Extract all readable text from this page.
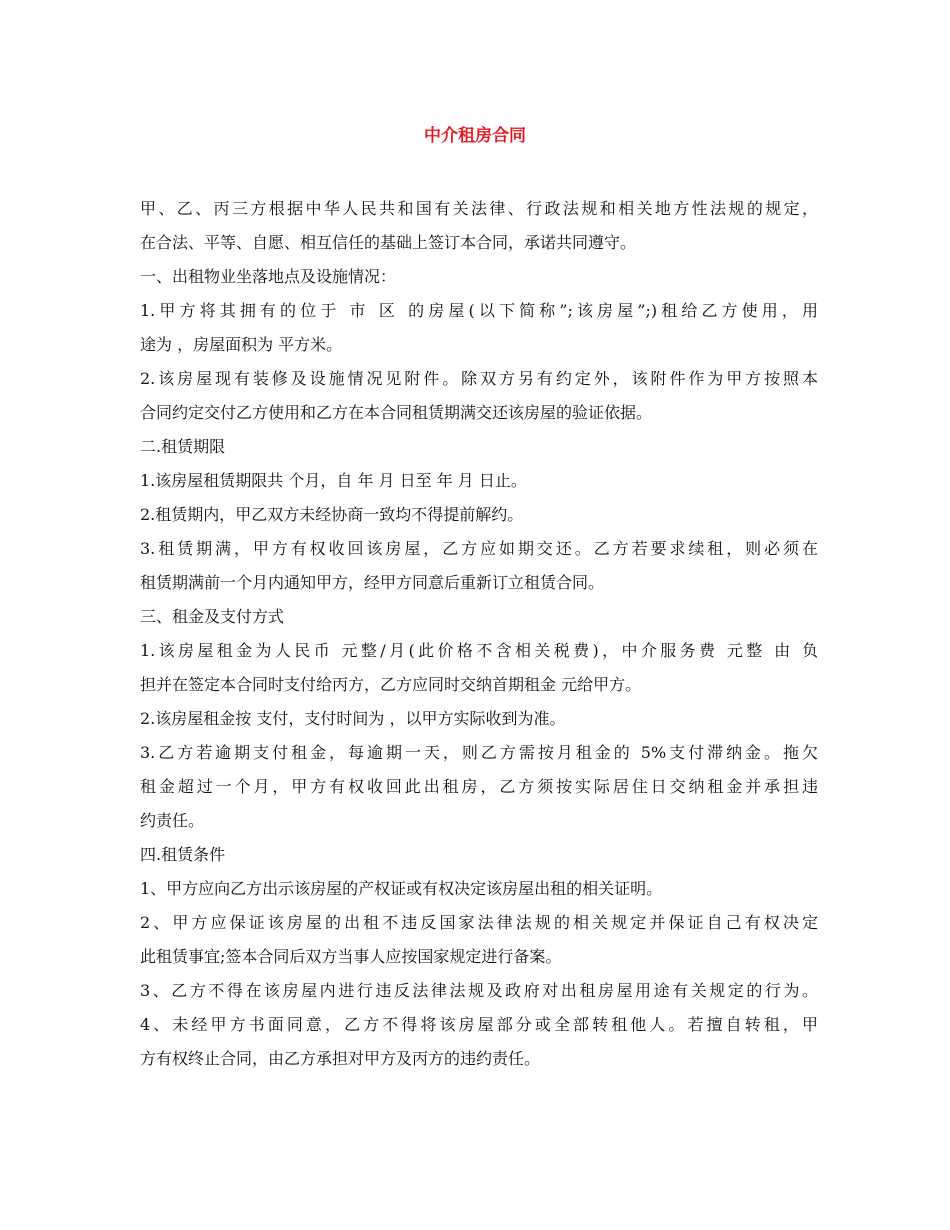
中介租房合同

甲、乙、丙三方根据中华人民共和国有关法律、行政法规和相关地方性法规的规定，

在合法、平等、自愿、相互信任的基础上签订本合同，承诺共同遵守。

一、出租物业坐落地点及设施情况：

1.甲方将其拥有的位于 市 区 的房屋(以下简称”;该房屋”;)租给乙方使用，用

途为 ，房屋面积为 平方米。

2.该房屋现有装修及设施情况见附件。除双方另有约定外，该附件作为甲方按照本

合同约定交付乙方使用和乙方在本合同租赁期满交还该房屋的验证依据。

二.租赁期限

1.该房屋租赁期限共 个月，自 年 月 日至 年 月 日止。

2.租赁期内，甲乙双方未经协商一致均不得提前解约。

3.租赁期满，甲方有权收回该房屋，乙方应如期交还。乙方若要求续租，则必须在

租赁期满前一个月内通知甲方，经甲方同意后重新订立租赁合同。

三、租金及支付方式

1.该房屋租金为人民币 元整/月(此价格不含相关税费)，中介服务费 元整 由 负

担并在签定本合同时支付给丙方，乙方应同时交纳首期租金 元给甲方。

2.该房屋租金按 支付，支付时间为 ，以甲方实际收到为准。

3.乙方若逾期支付租金，每逾期一天，则乙方需按月租金的 5%支付滞纳金。拖欠

租金超过一个月，甲方有权收回此出租房，乙方须按实际居住日交纳租金并承担违

约责任。

四.租赁条件

1、甲方应向乙方出示该房屋的产权证或有权决定该房屋出租的相关证明。

2、甲方应保证该房屋的出租不违反国家法律法规的相关规定并保证自己有权决定

此租赁事宜;签本合同后双方当事人应按国家规定进行备案。

3、乙方不得在该房屋内进行违反法律法规及政府对出租房屋用途有关规定的行为。

4、未经甲方书面同意，乙方不得将该房屋部分或全部转租他人。若擅自转租，甲

方有权终止合同，由乙方承担对甲方及丙方的违约责任。
